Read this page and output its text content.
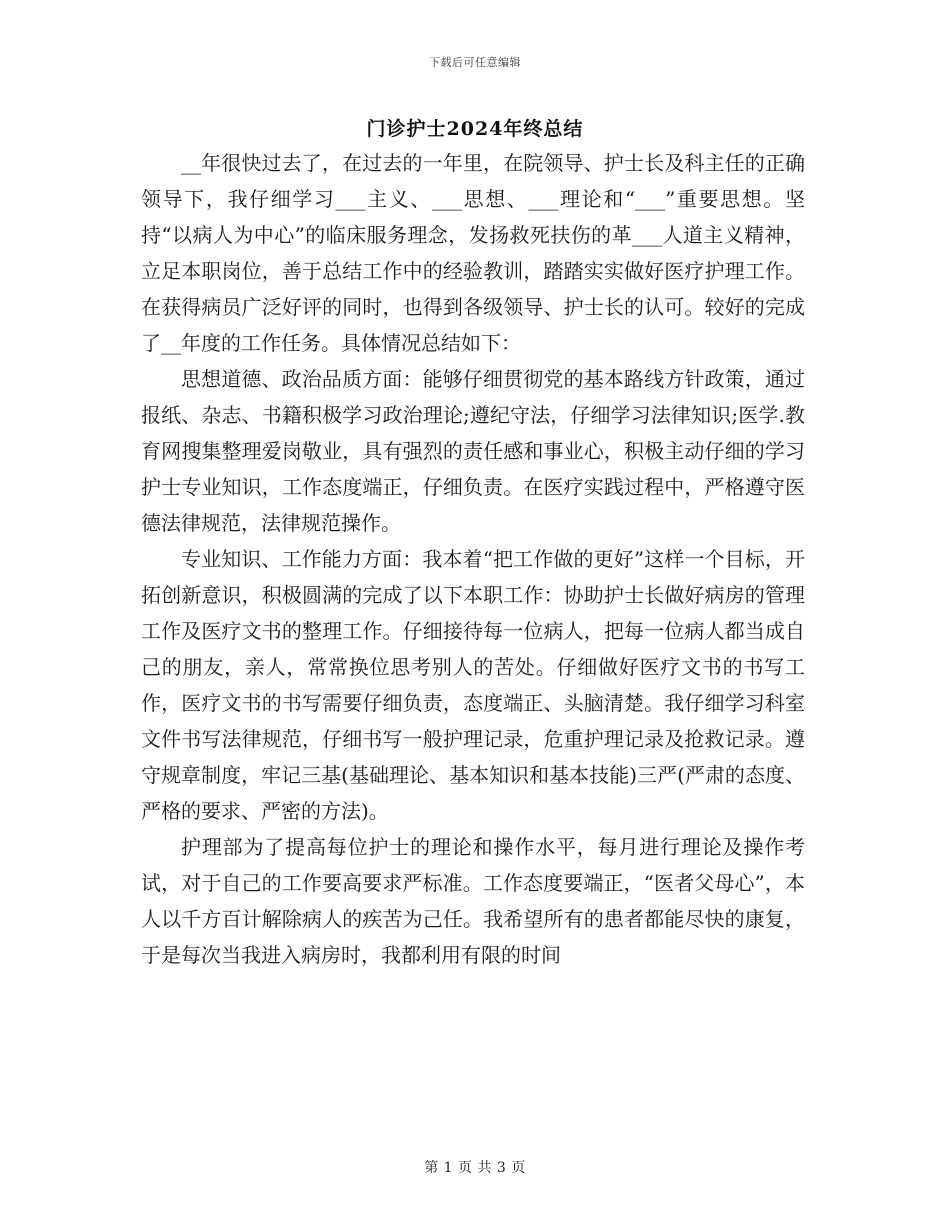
下载后可任意编辑
门诊护士2024年终总结

__年很快过去了，在过去的一年里，在院领导、护士长及科主任的正确领导下，我仔细学习___主义、___思想、___理论和“___”重要思想。坚持“以病人为中心”的临床服务理念，发扬救死扶伤的革___人道主义精神，立足本职岗位，善于总结工作中的经验教训，踏踏实实做好医疗护理工作。在获得病员广泛好评的同时，也得到各级领导、护士长的认可。较好的完成了__年度的工作任务。具体情况总结如下：

思想道德、政治品质方面：能够仔细贯彻党的基本路线方针政策，通过报纸、杂志、书籍积极学习政治理论;遵纪守法，仔细学习法律知识;医学.教育网搜集整理爱岗敬业，具有强烈的责任感和事业心，积极主动仔细的学习护士专业知识，工作态度端正，仔细负责。在医疗实践过程中，严格遵守医德法律规范，法律规范操作。

专业知识、工作能力方面：我本着“把工作做的更好”这样一个目标，开拓创新意识，积极圆满的完成了以下本职工作：协助护士长做好病房的管理工作及医疗文书的整理工作。仔细接待每一位病人，把每一位病人都当成自己的朋友，亲人，常常换位思考别人的苦处。仔细做好医疗文书的书写工作，医疗文书的书写需要仔细负责，态度端正、头脑清楚。我仔细学习科室文件书写法律规范，仔细书写一般护理记录，危重护理记录及抢救记录。遵守规章制度，牢记三基(基础理论、基本知识和基本技能)三严(严肃的态度、严格的要求、严密的方法)。

护理部为了提高每位护士的理论和操作水平，每月进行理论及操作考试，对于自己的工作要高要求严标准。工作态度要端正，“医者父母心”，本人以千方百计解除病人的疾苦为己任。我希望所有的患者都能尽快的康复，于是每次当我进入病房时，我都利用有限的时间

第 1 页 共 3 页
